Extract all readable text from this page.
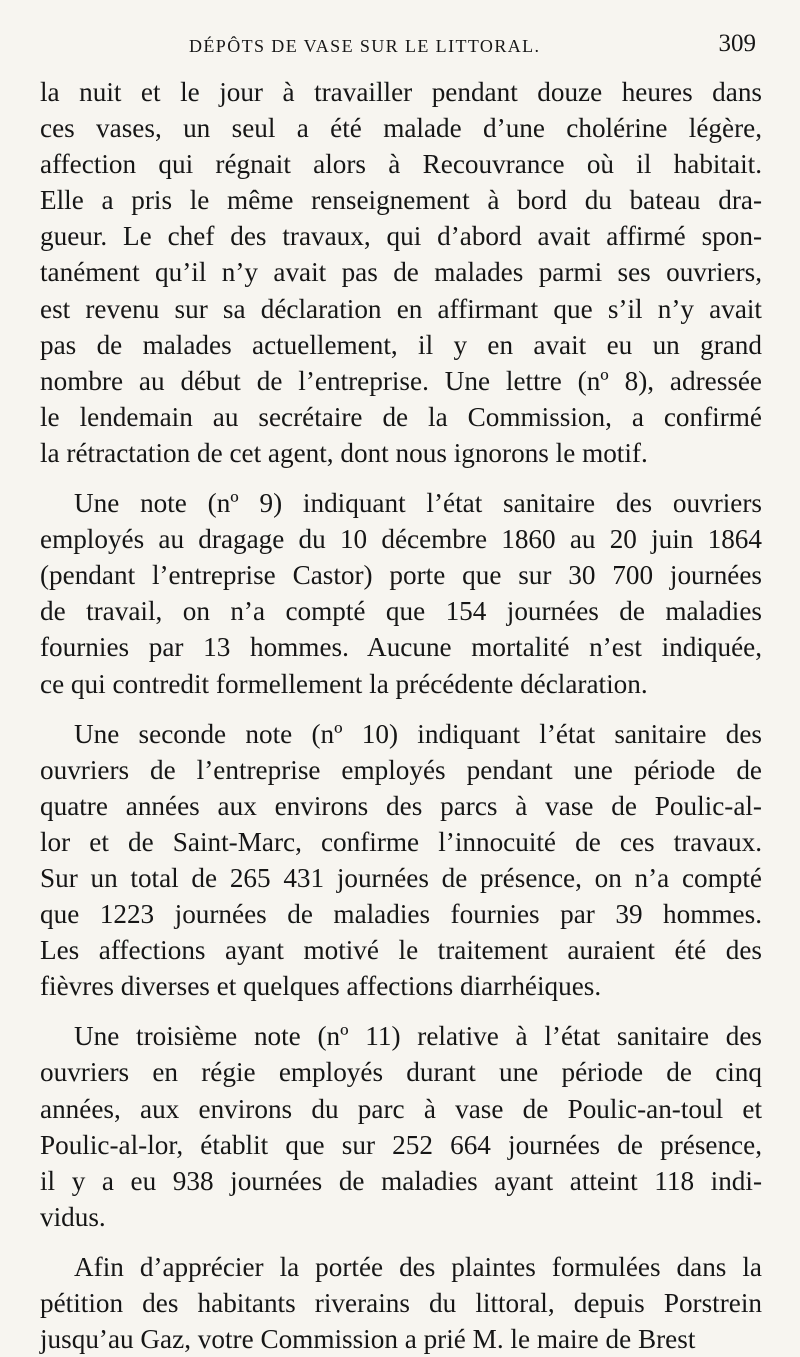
DÉPÔTS DE VASE SUR LE LITTORAL.	309
la nuit et le jour à travailler pendant douze heures dans
ces vases, un seul a été malade d’une cholérine légère,
affection qui régnait alors à Recouvrance où il habitait.
Elle a pris le même renseignement à bord du bateau dra-
gueur. Le chef des travaux, qui d’abord avait affirmé spon-
tanément qu’il n’y avait pas de malades parmi ses ouvriers,
est revenu sur sa déclaration en affirmant que s’il n’y avait
pas de malades actuellement, il y en avait eu un grand
nombre au début de l’entreprise. Une lettre (nº 8), adressée
le lendemain au secrétaire de la Commission, a confirmé
la rétractation de cet agent, dont nous ignorons le motif.
Une note (nº 9) indiquant l’état sanitaire des ouvriers
employés au dragage du 10 décembre 1860 au 20 juin 1864
(pendant l’entreprise Castor) porte que sur 30 700 journées
de travail, on n’a compté que 154 journées de maladies
fournies par 13 hommes. Aucune mortalité n’est indiquée,
ce qui contredit formellement la précédente déclaration.
Une seconde note (nº 10) indiquant l’état sanitaire des
ouvriers de l’entreprise employés pendant une période de
quatre années aux environs des parcs à vase de Poulic-al-
lor et de Saint-Marc, confirme l’innocuité de ces travaux.
Sur un total de 265 431 journées de présence, on n’a compté
que 1223 journées de maladies fournies par 39 hommes.
Les affections ayant motivé le traitement auraient été des
fièvres diverses et quelques affections diarrhéiques.
Une troisième note (nº 11) relative à l’état sanitaire des
ouvriers en régie employés durant une période de cinq
années, aux environs du parc à vase de Poulic-an-toul et
Poulic-al-lor, établit que sur 252 664 journées de présence,
il y a eu 938 journées de maladies ayant atteint 118 indi-
vidus.
Afin d’apprécier la portée des plaintes formulées dans la
pétition des habitants riverains du littoral, depuis Porstrein
jusqu’au Gaz, votre Commission a prié M. le maire de Brest
